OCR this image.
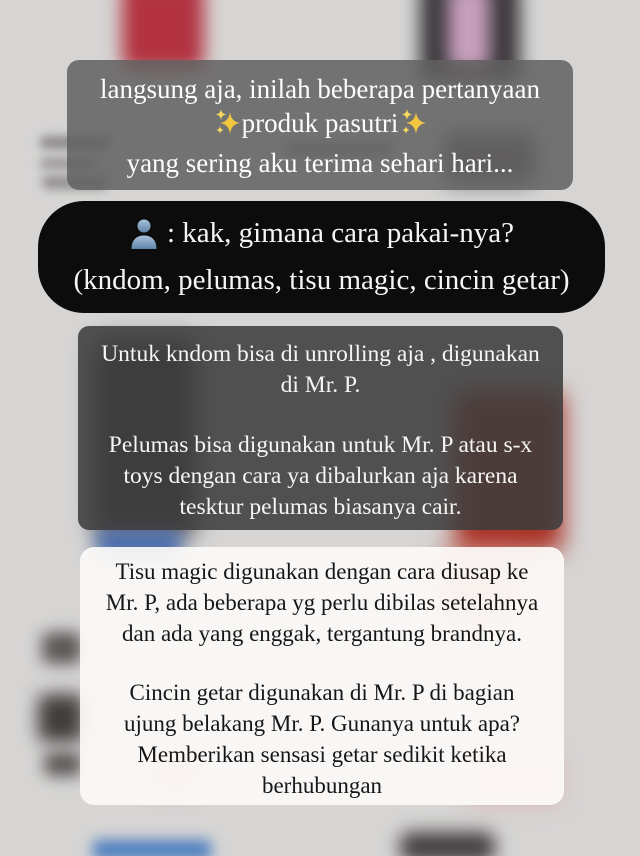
langsung aja, inilah beberapa pertanyaan
produk pasutri
yang sering aku terima sehari hari...
: kak, gimana cara pakai-nya?
(kndom, pelumas, tisu magic, cincin getar)
Untuk kndom bisa di unrolling aja , digunakan
di Mr. P.
Pelumas bisa digunakan untuk Mr. P atau s-x
toys dengan cara ya dibalurkan aja karena
tesktur pelumas biasanya cair.
Tisu magic digunakan dengan cara diusap ke
Mr. P, ada beberapa yg perlu dibilas setelahnya
dan ada yang enggak, tergantung brandnya.
Cincin getar digunakan di Mr. P di bagian
ujung belakang Mr. P. Gunanya untuk apa?
Memberikan sensasi getar sedikit ketika
berhubungan
